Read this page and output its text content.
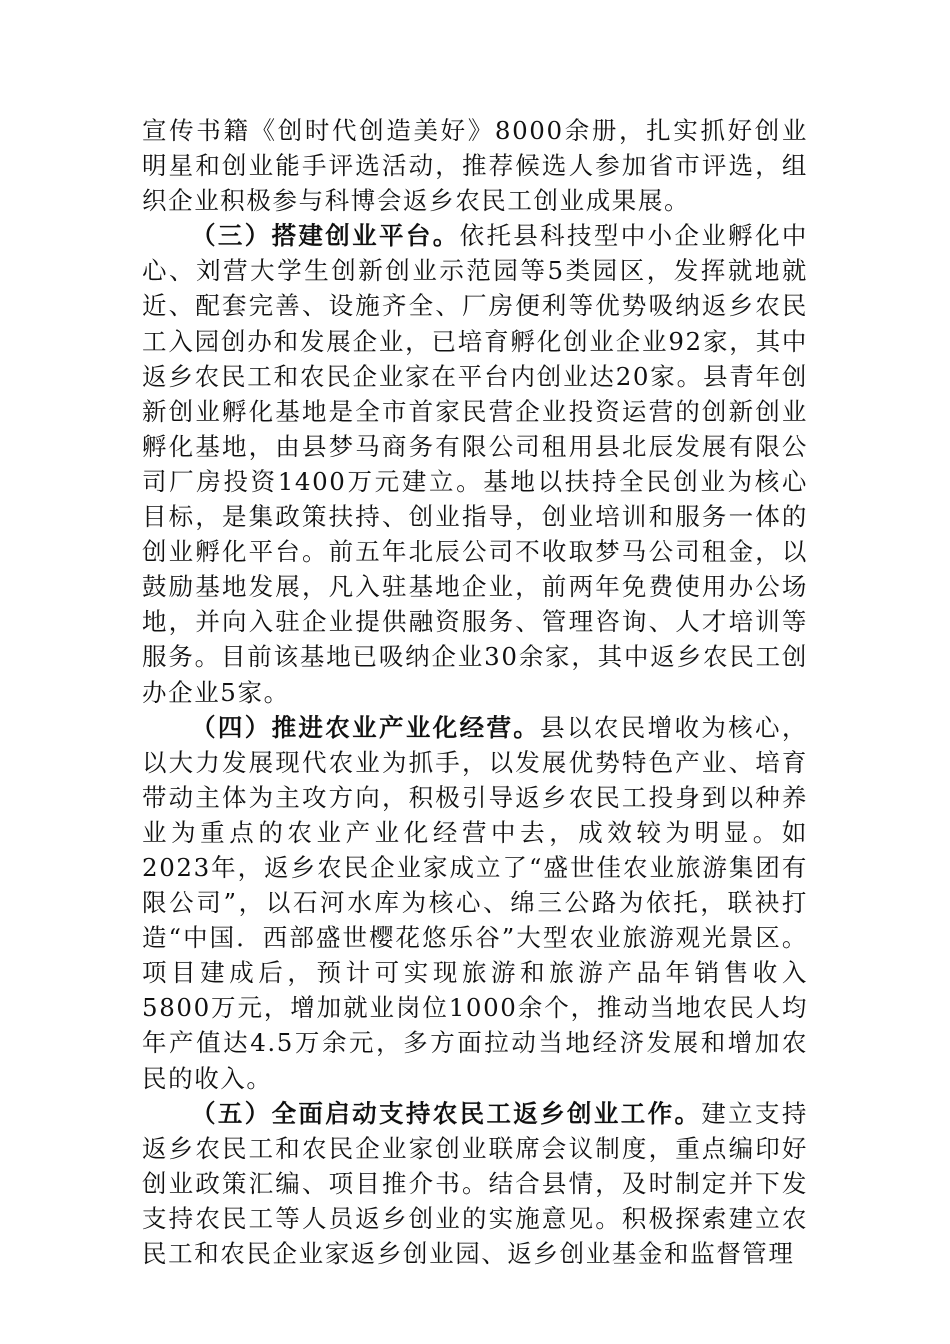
宣传书籍《创时代创造美好》8000余册，扎实抓好创业明星和创业能手评选活动，推荐候选人参加省市评选，组织企业积极参与科博会返乡农民工创业成果展。

（三）搭建创业平台。依托县科技型中小企业孵化中心、刘营大学生创新创业示范园等5类园区，发挥就地就近、配套完善、设施齐全、厂房便利等优势吸纳返乡农民工入园创办和发展企业，已培育孵化创业企业92家，其中返乡农民工和农民企业家在平台内创业达20家。县青年创新创业孵化基地是全市首家民营企业投资运营的创新创业孵化基地，由县梦马商务有限公司租用县北辰发展有限公司厂房投资1400万元建立。基地以扶持全民创业为核心目标，是集政策扶持、创业指导，创业培训和服务一体的创业孵化平台。前五年北辰公司不收取梦马公司租金，以鼓励基地发展，凡入驻基地企业，前两年免费使用办公场地，并向入驻企业提供融资服务、管理咨询、人才培训等服务。目前该基地已吸纳企业30余家，其中返乡农民工创办企业5家。

（四）推进农业产业化经营。县以农民增收为核心，以大力发展现代农业为抓手，以发展优势特色产业、培育带动主体为主攻方向，积极引导返乡农民工投身到以种养业为重点的农业产业化经营中去，成效较为明显。如2023年，返乡农民企业家成立了“盛世佳农业旅游集团有限公司”，以石河水库为核心、绵三公路为依托，联袂打造“中国．西部盛世樱花悠乐谷”大型农业旅游观光景区。项目建成后，预计可实现旅游和旅游产品年销售收入5800万元，增加就业岗位1000余个，推动当地农民人均年产值达4.5万余元，多方面拉动当地经济发展和增加农民的收入。

（五）全面启动支持农民工返乡创业工作。建立支持返乡农民工和农民企业家创业联席会议制度，重点编印好创业政策汇编、项目推介书。结合县情，及时制定并下发支持农民工等人员返乡创业的实施意见。积极探索建立农民工和农民企业家返乡创业园、返乡创业基金和监督管理
